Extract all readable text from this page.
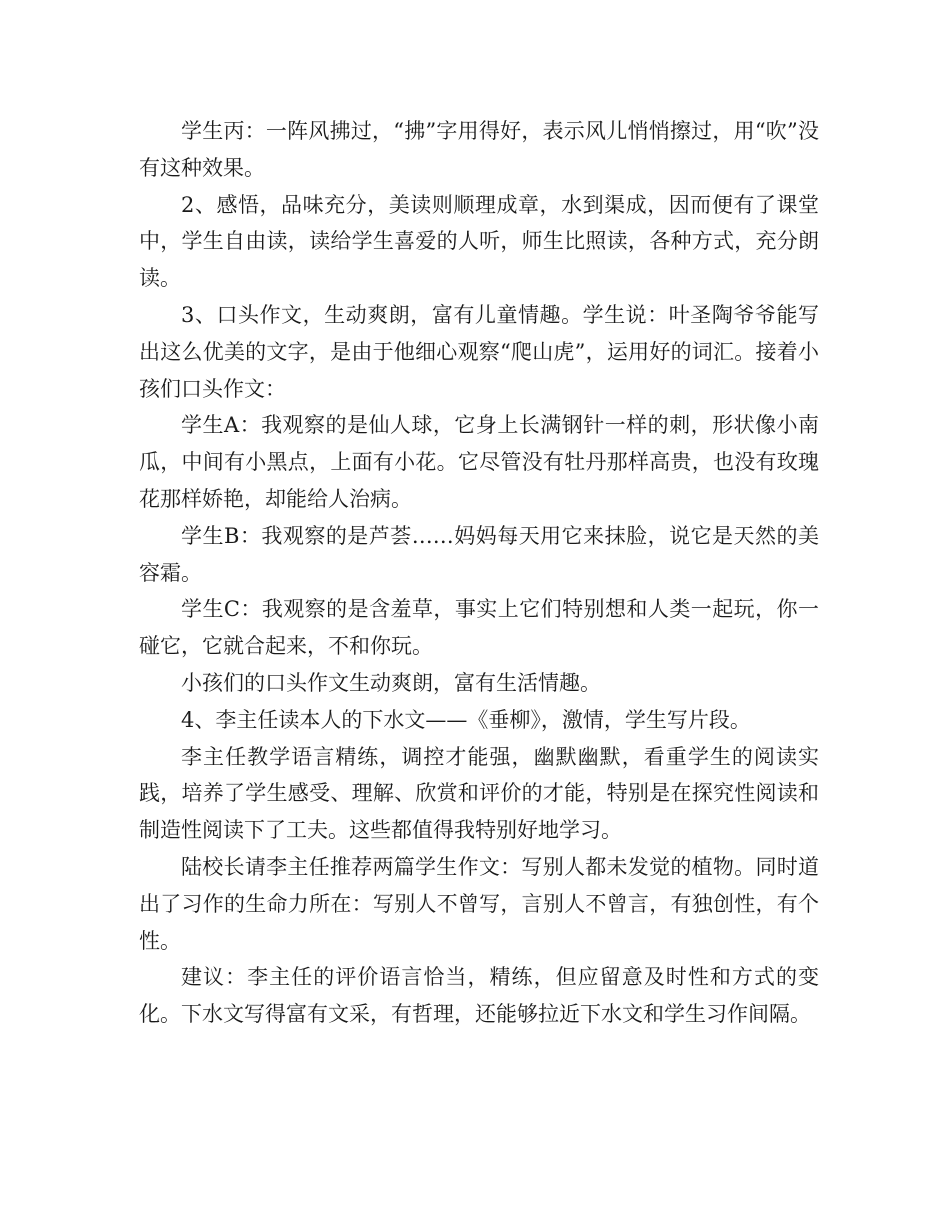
学生丙：一阵风拂过，“拂”字用得好，表示风儿悄悄擦过，用“吹”没有这种效果。

2、感悟，品味充分，美读则顺理成章，水到渠成，因而便有了课堂中，学生自由读，读给学生喜爱的人听，师生比照读，各种方式，充分朗读。

3、口头作文，生动爽朗，富有儿童情趣。学生说：叶圣陶爷爷能写出这么优美的文字，是由于他细心观察“爬山虎”，运用好的词汇。接着小孩们口头作文：

学生A：我观察的是仙人球，它身上长满钢针一样的刺，形状像小南瓜，中间有小黑点，上面有小花。它尽管没有牡丹那样高贵，也没有玫瑰花那样娇艳，却能给人治病。

学生B：我观察的是芦荟……妈妈每天用它来抹脸，说它是天然的美容霜。

学生C：我观察的是含羞草，事实上它们特别想和人类一起玩，你一碰它，它就合起来，不和你玩。

小孩们的口头作文生动爽朗，富有生活情趣。

4、李主任读本人的下水文——《垂柳》，激情，学生写片段。

李主任教学语言精练，调控才能强，幽默幽默，看重学生的阅读实践，培养了学生感受、理解、欣赏和评价的才能，特别是在探究性阅读和制造性阅读下了工夫。这些都值得我特别好地学习。

陆校长请李主任推荐两篇学生作文：写别人都未发觉的植物。同时道出了习作的生命力所在：写别人不曾写，言别人不曾言，有独创性，有个性。

建议：李主任的评价语言恰当，精练，但应留意及时性和方式的变化。下水文写得富有文采，有哲理，还能够拉近下水文和学生习作间隔。
